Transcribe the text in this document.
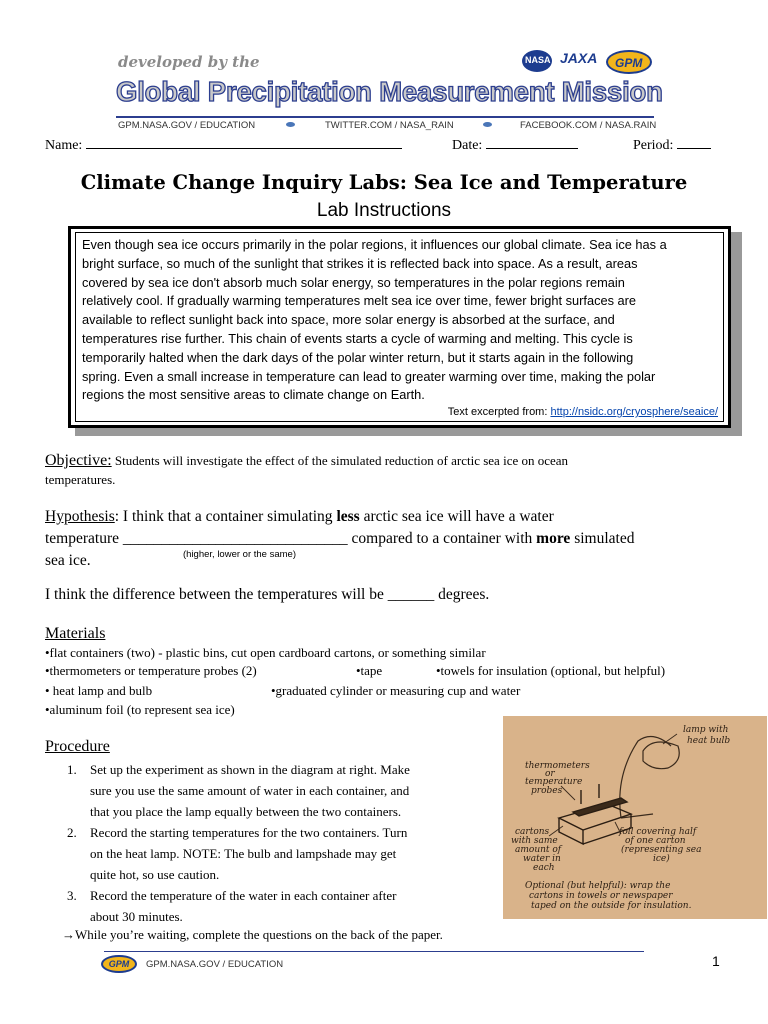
developed by the
Global Precipitation Measurement Mission
NASA JAXA GPM
GPM.NASA.GOV / EDUCATION	TWITTER.COM / NASA_RAIN	FACEBOOK.COM / NASA.RAIN
Name:	Date:	Period:
Climate Change Inquiry Labs: Sea Ice and Temperature
Lab Instructions
Even though sea ice occurs primarily in the polar regions, it influences our global climate. Sea ice has a
bright surface, so much of the sunlight that strikes it is reflected back into space. As a result, areas
covered by sea ice don't absorb much solar energy, so temperatures in the polar regions remain
relatively cool. If gradually warming temperatures melt sea ice over time, fewer bright surfaces are
available to reflect sunlight back into space, more solar energy is absorbed at the surface, and
temperatures rise further. This chain of events starts a cycle of warming and melting. This cycle is
temporarily halted when the dark days of the polar winter return, but it starts again in the following
spring. Even a small increase in temperature can lead to greater warming over time, making the polar
regions the most sensitive areas to climate change on Earth.
Text excerpted from: http://nsidc.org/cryosphere/seaice/
Objective: Students will investigate the effect of the simulated reduction of arctic sea ice on ocean
temperatures.
Hypothesis: I think that a container simulating less arctic sea ice will have a water
temperature _____________________________ compared to a container with more simulated
sea ice.	(higher, lower or the same)
I think the difference between the temperatures will be ______ degrees.
Materials
•flat containers (two) - plastic bins, cut open cardboard cartons, or something similar
•thermometers or temperature probes (2)	•tape	•towels for insulation (optional, but helpful)
• heat lamp and bulb	•graduated cylinder or measuring cup and water
•aluminum foil (to represent sea ice)
Procedure
1. Set up the experiment as shown in the diagram at right. Make
sure you use the same amount of water in each container, and
that you place the lamp equally between the two containers.
2. Record the starting temperatures for the two containers. Turn
on the heat lamp. NOTE: The bulb and lampshade may get
quite hot, so use caution.
3. Record the temperature of the water in each container after
about 30 minutes.
→While you’re waiting, complete the questions on the back of the paper.
lamp with
heat bulb
thermometers
or
temperature
probes
cartons
with same
amount of
water in
each
foil covering half
of one carton
(representing sea
ice)
Optional (but helpful): wrap the
cartons in towels or newspaper
taped on the outside for insulation.
GPM	GPM.NASA.GOV / EDUCATION	1
